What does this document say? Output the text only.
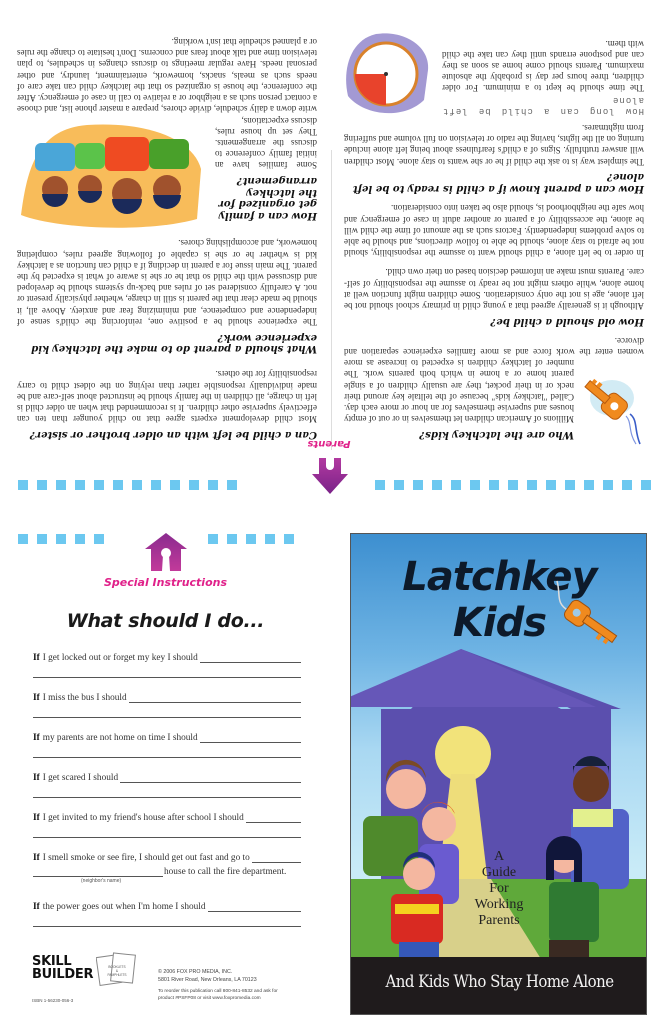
Who are the latchkey kids?
Millions of American children let themselves in or out of empty houses and supervise themselves for an hour or more each day. Called "latchkey kids" because of the telltale key around their neck or in their pocket, they are usually children of a single parent home or a home in which both parents work. The number of latchkey children is expected to increase as more women enter the work force and as more families experience separation and divorce.
How old should a child be?
Although it is generally agreed that a young child in primary school should not be left alone, age is not the only consideration. Some children might function well at home alone, while others might not be ready to assume the responsibility of self-care. Parents must make an informed decision based on their own child.
In order to be left alone, a child should want to assume the responsibility, should not be afraid to stay alone, should be able to follow directions, and should be able to solve problems independently. Factors such as the amount of time the child will be alone, the accessibility of a parent or another adult in case of emergency and how safe the neighborhood is, should also be taken into consideration.
How can a parent know if a child is ready to be left alone?
The simplest way is to ask the child if he or she wants to stay alone. Most children will answer truthfully. Signs of a child's fearfulness about being left alone include turning on all the lights, having the radio or television on full volume and suffering from nightmares.
How long can a child be left alone
The time should be kept to a minimum. For older children, three hours per day is probably the absolute maximum. Parents should come home as soon as they can and postpone errands until they can take the child with them.
Can a child be left with an older brother or sister?
Most child development experts agree that no child younger than ten can effectively supervise other children. It is recommended that when an older child is left in charge, all children in the family should be instructed about self-care and be made individually responsible rather than relying on the oldest child to carry responsibility for the others.
What should a parent do to make the latchkey kid experience work?
The experience should be a positive one, reinforcing the child's sense of independence and competence, and minimizing fear and anxiety. Above all, it should be made clear that the parent is still in charge, whether physically present or not. A carefully considered set of rules and back-up systems should be developed and discussed with the child so that he or she is aware of what is expected by the parent. The main issue for a parent in deciding if a child can function as a latchkey kid is whether he or she is capable of following agreed rules, completing homework, and accomplishing chores.
How can a family get organized for the latchkey arrangement?
Some families have an initial family conference to discuss the arrangements. They set up house rules, discuss expectations,
write down a daily schedule, divide chores, prepare a master phone list, and choose a contact person such as a neighbor or a relative to call in case of emergency. After the conference, the house is organized so that the latchkey child can take care of needs such as meals, snacks, homework, entertainment, laundry, and other personal needs. Have regular meetings to discuss changes in schedules, to plan television time and talk about fears and concerns. Don't hesitate to change the rules or a planned schedule that isn't working.
Parents
Special Instructions
What should I do...
If I get locked out or forget my key I should
If I miss the bus I should
If my parents are not home on time I should
If I get scared I should
If I get invited to my friend's house after school I should
If I smell smoke or see fire, I should get out fast and go to
house to call the fire department.
(neighbor's name)
If the power goes out when I'm home I should
SKILL
BUILDER	BOOKLETS
&
PAMPHLETS
ISBN 1-56230-056-3
© 2006 FOX PRO MEDIA, INC.
5801 River Road, New Orleans, LA 70123
To reorder this publication call 800-841-8532 and ask for
product #PSFP08 or visit www.foxpromedia.com
Latchkey
Kids
A
Guide
For
Working
Parents
And Kids Who Stay Home Alone
